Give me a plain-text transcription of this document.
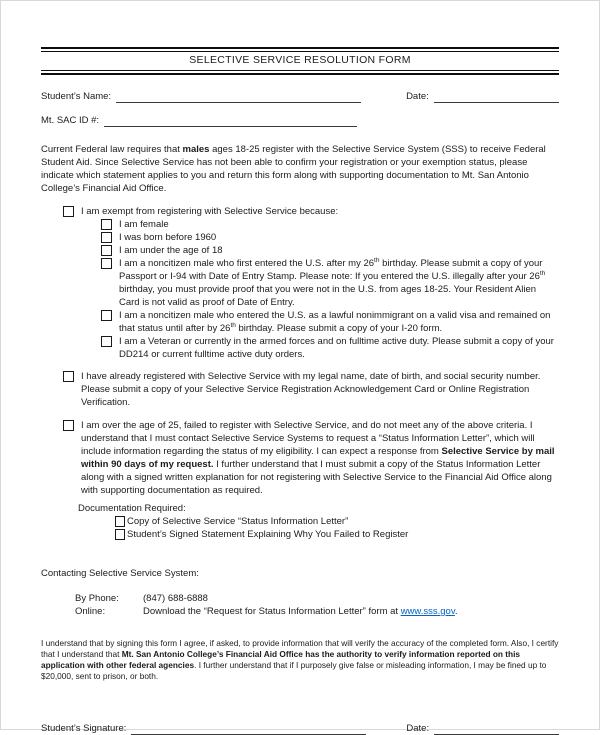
SELECTIVE SERVICE RESOLUTION FORM
Student’s Name:	Date:
Mt. SAC ID #:
Current Federal law requires that males ages 18-25 register with the Selective Service System (SSS) to receive Federal Student Aid. Since Selective Service has not been able to confirm your registration or your exemption status, please indicate which statement applies to you and return this form along with supporting documentation to Mt. San Antonio College’s Financial Aid Office.
I am exempt from registering with Selective Service because:
I am female
I was born before 1960
I am under the age of 18
I am a noncitizen male who first entered the U.S. after my 26th birthday. Please submit a copy of your Passport or I-94 with Date of Entry Stamp. Please note: If you entered the U.S. illegally after your 26th birthday, you must provide proof that you were not in the U.S. from ages 18-25. Your Resident Alien Card is not valid as proof of Date of Entry.
I am a noncitizen male who entered the U.S. as a lawful nonimmigrant on a valid visa and remained on that status until after by 26th birthday. Please submit a copy of your I-20 form.
I am a Veteran or currently in the armed forces and on fulltime active duty. Please submit a copy of your DD214 or current fulltime active duty orders.
I have already registered with Selective Service with my legal name, date of birth, and social security number. Please submit a copy of your Selective Service Registration Acknowledgement Card or Online Registration Verification.
I am over the age of 25, failed to register with Selective Service, and do not meet any of the above criteria. I understand that I must contact Selective Service Systems to request a “Status Information Letter”, which will include information regarding the status of my eligibility. I can expect a response from Selective Service by mail within 90 days of my request. I further understand that I must submit a copy of the Status Information Letter along with a signed written explanation for not registering with Selective Service to the Financial Aid Office along with supporting documentation as required.
Documentation Required:
Copy of Selective Service “Status Information Letter”
Student’s Signed Statement Explaining Why You Failed to Register
Contacting Selective Service System:
By Phone:	(847) 688-6888
Online:	Download the “Request for Status Information Letter” form at www.sss.gov.
I understand that by signing this form I agree, if asked, to provide information that will verify the accuracy of the completed form. Also, I certify that I understand that Mt. San Antonio College’s Financial Aid Office has the authority to verify information reported on this application with other federal agencies. I further understand that if I purposely give false or misleading information, I may be fined up to $20,000, sent to prison, or both.
Student’s Signature:	Date:
